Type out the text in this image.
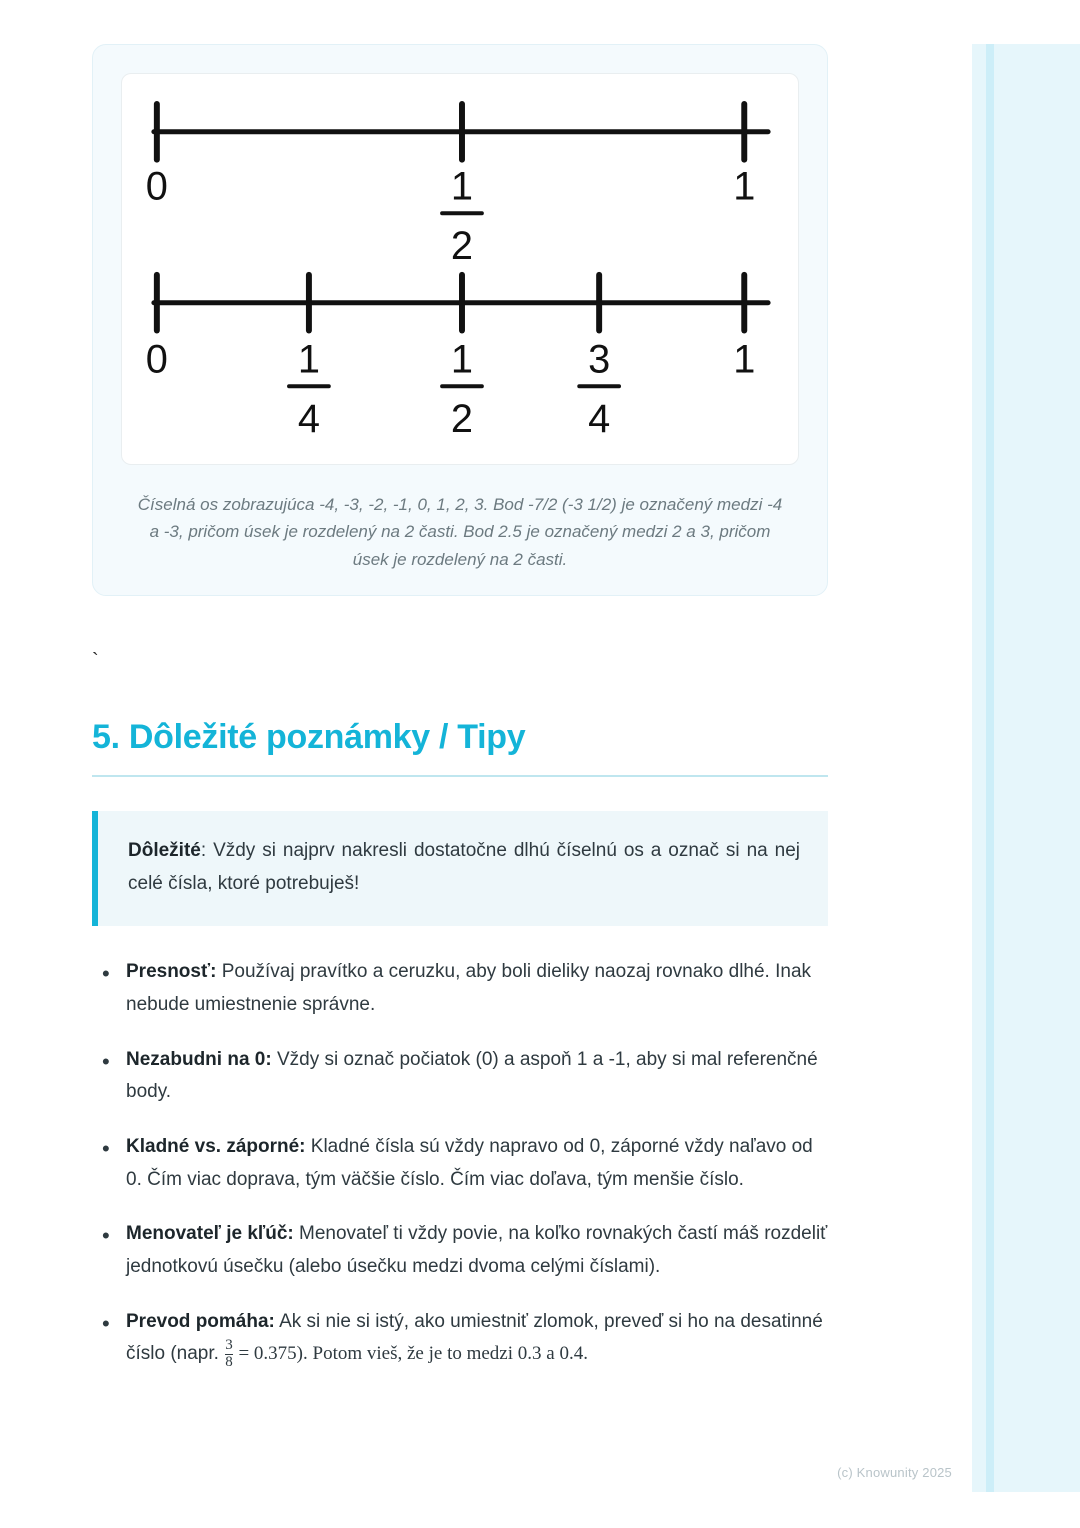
0	1
2
1
0	1
4
1
2
3
4
1
Číselná os zobrazujúca -4, -3, -2, -1, 0, 1, 2, 3. Bod -7/2 (-3 1/2) je označený medzi -4 a -3, pričom úsek je rozdelený na 2 časti. Bod 2.5 je označený medzi 2 a 3, pričom úsek je rozdelený na 2 časti.
`
5. Dôležité poznámky / Tipy

Dôležité: Vždy si najprv nakresli dostatočne dlhú číselnú os a označ si na nej celé čísla, ktoré potrebuješ!

• Presnosť: Používaj pravítko a ceruzku, aby boli dieliky naozaj rovnako dlhé. Inak nebude umiestnenie správne.
• Nezabudni na 0: Vždy si označ počiatok (0) a aspoň 1 a -1, aby si mal referenčné body.
• Kladné vs. záporné: Kladné čísla sú vždy napravo od 0, záporné vždy naľavo od 0. Čím viac doprava, tým väčšie číslo. Čím viac doľava, tým menšie číslo.
• Menovateľ je kľúč: Menovateľ ti vždy povie, na koľko rovnakých častí máš rozdeliť jednotkovú úsečku (alebo úsečku medzi dvoma celými číslami).
• Prevod pomáha: Ak si nie si istý, ako umiestniť zlomok, preveď si ho na desatinné číslo (napr. $\frac{3}{8} = 0.375$). Potom vieš, že je to medzi 0.3 a 0.4.
(c) Knowunity 2025
